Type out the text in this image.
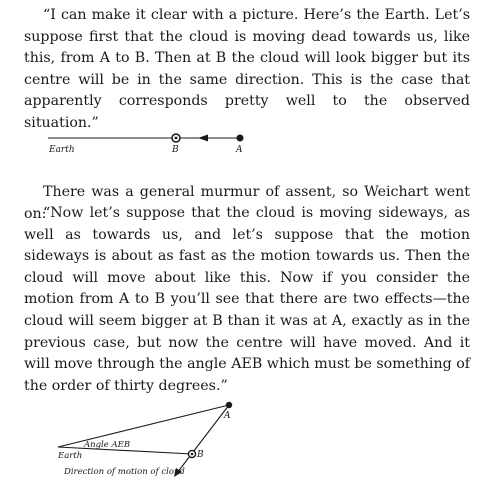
“I can make it clear with a picture. Here’s the Earth. Let’s suppose first that the cloud is moving dead towards us, like this, from A to B. Then at B the cloud will look bigger but its centre will be in the same direction. This is the case that apparently corresponds pretty well to the observed situation.”

Earth	B	A

There was a general murmur of assent, so Weichart went on:

“Now let’s suppose that the cloud is moving sideways, as well as towards us, and let’s suppose that the motion sideways is about as fast as the motion towards us. Then the cloud will move about like this. Now if you consider the motion from A to B you’ll see that there are two effects—the cloud will seem bigger at B than it was at A, exactly as in the previous case, but now the centre will have moved. And it will move through the angle AEB which must be something of the order of thirty degrees.”

A
B
Angle AEB
Earth
Direction of motion of cloud
